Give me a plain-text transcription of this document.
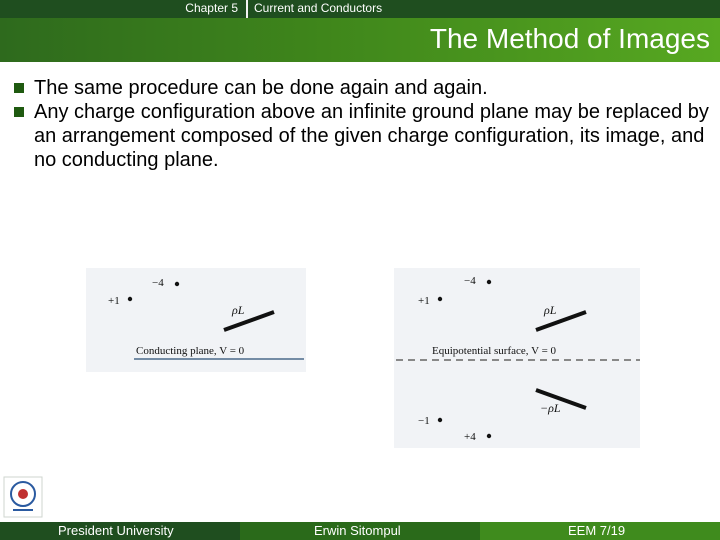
Chapter 5 Current and Conductors
The Method of Images
The same procedure can be done again and again.
Any charge configuration above an infinite ground plane may be replaced by an arrangement composed of the given charge configuration, its image, and no conducting plane.
−4
+1
ρL
Conducting plane, V = 0
−4
+1
ρL
Equipotential surface, V = 0
−ρL
−1
+4
President University	Erwin Sitompul	EEM 7/19
